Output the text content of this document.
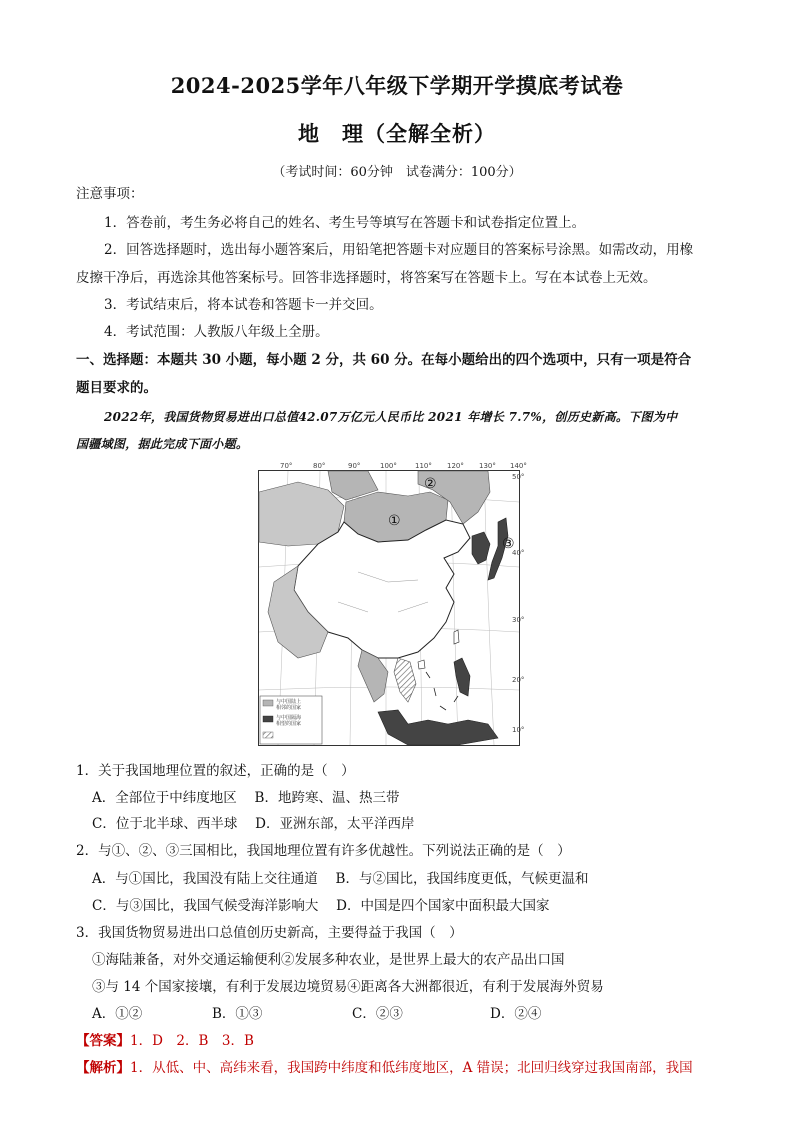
2024-2025学年八年级下学期开学摸底考试卷
地　理（全解全析）
（考试时间：60分钟　试卷满分：100分）
注意事项：
1．答卷前，考生务必将自己的姓名、考生号等填写在答题卡和试卷指定位置上。
2．回答选择题时，选出每小题答案后，用铅笔把答题卡对应题目的答案标号涂黑。如需改动，用橡
皮擦干净后，再选涂其他答案标号。回答非选择题时，将答案写在答题卡上。写在本试卷上无效。
3．考试结束后，将本试卷和答题卡一并交回。
4．考试范围：人教版八年级上全册。
一、选择题：本题共 30 小题，每小题 2 分，共 60 分。在每小题给出的四个选项中，只有一项是符合
题目要求的。
2022年，我国货物贸易进出口总值42.07万亿元人民币比 2021 年增长 7.7%，创历史新高。下图为中
国疆域图，据此完成下面小题。
70°	80°	90°	100°	110° 120° 130° 140°
50°
40°
30°
20°
10°
①
②
③
与中国陆上
相邻的国家
与中国隔海
相望的国家
1．关于我国地理位置的叙述，正确的是（　）
A．全部位于中纬度地区　 B．地跨寒、温、热三带
C．位于北半球、西半球　 D．亚洲东部，太平洋西岸
2．与①、②、③三国相比，我国地理位置有许多优越性。下列说法正确的是（　）
A．与①国比，我国没有陆上交往通道　 B．与②国比，我国纬度更低，气候更温和
C．与③国比，我国气候受海洋影响大　 D．中国是四个国家中面积最大国家
3．我国货物贸易进出口总值创历史新高，主要得益于我国（　）
①海陆兼备，对外交通运输便利②发展多种农业，是世界上最大的农产品出口国
③与 14 个国家接壤，有利于发展边境贸易④距离各大洲都很近，有利于发展海外贸易
A．①②	B．①③	C．②③	D．②④
【答案】1．D　2．B　3．B
【解析】1．从低、中、高纬来看，我国跨中纬度和低纬度地区，A 错误；北回归线穿过我国南部，我国
